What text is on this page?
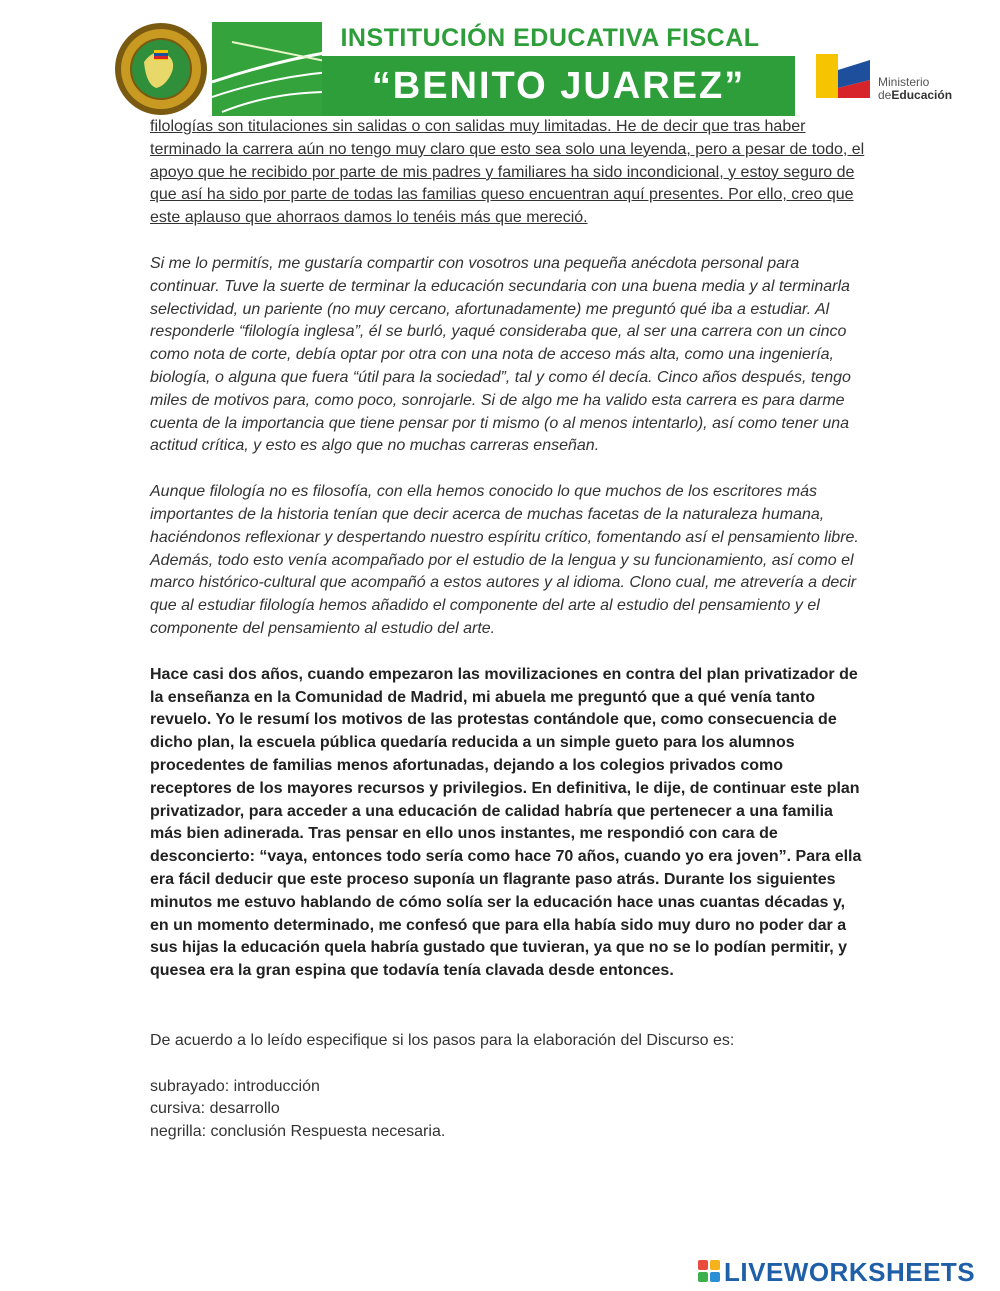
INSTITUCIÓN EDUCATIVA FISCAL
“BENITO JUAREZ”	Ministerio
deEducación

filologías son titulaciones sin salidas o con salidas muy limitadas. He de decir que tras haber terminado la carrera aún no tengo muy claro que esto sea solo una leyenda, pero a pesar de todo, el apoyo que he recibido por parte de mis padres y familiares ha sido incondicional, y estoy seguro de que así ha sido por parte de todas las familias queso encuentran aquí presentes. Por ello, creo que este aplauso que ahorraos damos lo tenéis más que mereció.

Si me lo permitís, me gustaría compartir con vosotros una pequeña anécdota personal para continuar. Tuve la suerte de terminar la educación secundaria con una buena media y al terminarla selectividad, un pariente (no muy cercano, afortunadamente) me preguntó qué iba a estudiar. Al responderle “filología inglesa”, él se burló, yaqué consideraba que, al ser una carrera con un cinco como nota de corte, debía optar por otra con una nota de acceso más alta, como una ingeniería, biología, o alguna que fuera “útil para la sociedad”, tal y como él decía. Cinco años después, tengo miles de motivos para, como poco, sonrojarle. Si de algo me ha valido esta carrera es para darme cuenta de la importancia que tiene pensar por ti mismo (o al menos intentarlo), así como tener una actitud crítica, y esto es algo que no muchas carreras enseñan.

Aunque filología no es filosofía, con ella hemos conocido lo que muchos de los escritores más importantes de la historia tenían que decir acerca de muchas facetas de la naturaleza humana, haciéndonos reflexionar y despertando nuestro espíritu crítico, fomentando así el pensamiento libre. Además, todo esto venía acompañado por el estudio de la lengua y su funcionamiento, así como el marco histórico-cultural que acompañó a estos autores y al idioma. Clono cual, me atrevería a decir que al estudiar filología hemos añadido el componente del arte al estudio del pensamiento y el componente del pensamiento al estudio del arte.

Hace casi dos años, cuando empezaron las movilizaciones en contra del plan privatizador de la enseñanza en la Comunidad de Madrid, mi abuela me preguntó que a qué venía tanto revuelo. Yo le resumí los motivos de las protestas contándole que, como consecuencia de dicho plan, la escuela pública quedaría reducida a un simple gueto para los alumnos procedentes de familias menos afortunadas, dejando a los colegios privados como receptores de los mayores recursos y privilegios. En definitiva, le dije, de continuar este plan privatizador, para acceder a una educación de calidad habría que pertenecer a una familia más bien adinerada. Tras pensar en ello unos instantes, me respondió con cara de desconcierto: “vaya, entonces todo sería como hace 70 años, cuando yo era joven”. Para ella era fácil deducir que este proceso suponía un flagrante paso atrás. Durante los siguientes minutos me estuvo hablando de cómo solía ser la educación hace unas cuantas décadas y, en un momento determinado, me confesó que para ella había sido muy duro no poder dar a sus hijas la educación quela habría gustado que tuvieran, ya que no se lo podían permitir, y quesea era la gran espina que todavía tenía clavada desde entonces.

De acuerdo a lo leído especifique si los pasos para la elaboración del Discurso es:

subrayado: introducción
cursiva: desarrollo
negrilla: conclusión Respuesta necesaria.
LIVEWORKSHEETS
